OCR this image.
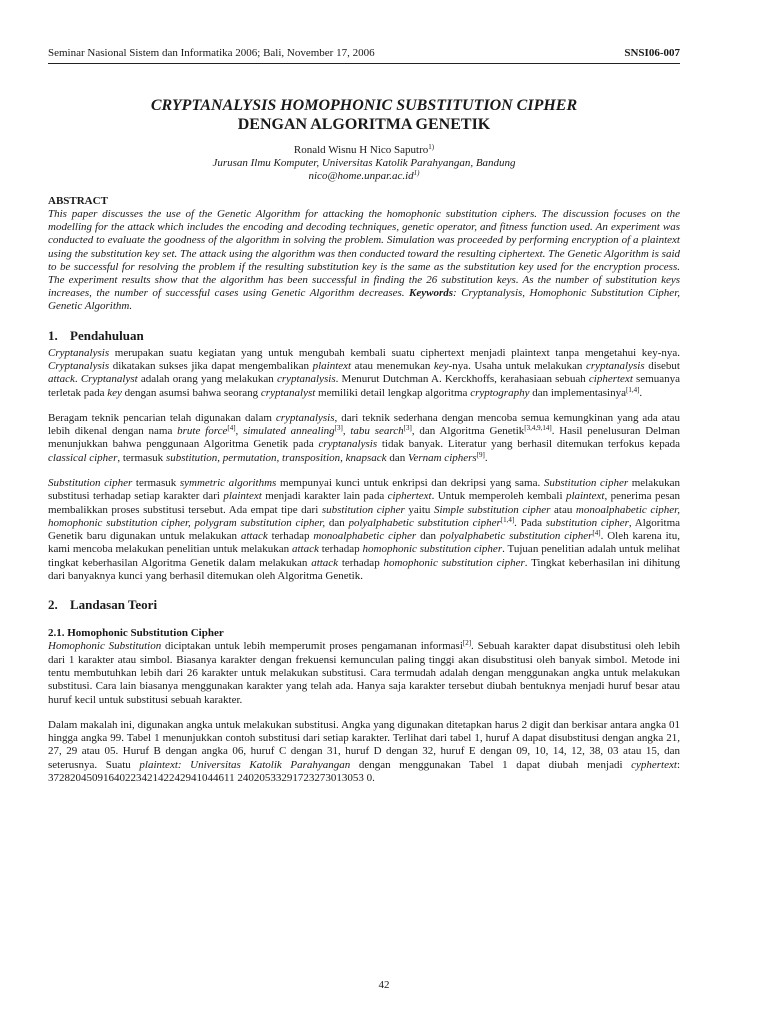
Seminar Nasional Sistem dan Informatika 2006; Bali, November 17, 2006	SNSI06-007
CRYPTANALYSIS HOMOPHONIC SUBSTITUTION CIPHER
DENGAN ALGORITMA GENETIK
Ronald Wisnu H Nico Saputro$^{1)}$
Jurusan Ilmu Komputer, Universitas Katolik Parahyangan, Bandung
$nico@home.unpar.ac.id^{1)}$
ABSTRACT
This paper discusses the use of the Genetic Algorithm for attacking the homophonic substitution ciphers. The discussion focuses on the modelling for the attack which includes the encoding and decoding techniques, genetic operator, and fitness function used. An experiment was conducted to evaluate the goodness of the algorithm in solving the problem. Simulation was proceeded by performing encryption of a plaintext using the substitution key set. The attack using the algorithm was then conducted toward the resulting ciphertext. The Genetic Algorithm is said to be successful for resolving the problem if the resulting substitution key is the same as the substitution key used for the encryption process. The experiment results show that the algorithm has been successful in finding the 26 substitution keys. As the number of substitution keys increases, the number of successful cases using Genetic Algorithm decreases. Keywords: Cryptanalysis, Homophonic Substitution Cipher, Genetic Algorithm.
1. Pendahuluan

Cryptanalysis merupakan suatu kegiatan yang untuk mengubah kembali suatu ciphertext menjadi plaintext tanpa mengetahui key-nya. Cryptanalysis dikatakan sukses jika dapat mengembalikan plaintext atau menemukan key-nya. Usaha untuk melakukan cryptanalysis disebut attack. Cryptanalyst adalah orang yang melakukan cryptanalysis. Menurut Dutchman A. Kerckhoffs, kerahasiaan sebuah ciphertext semuanya terletak pada key dengan asumsi bahwa seorang cryptanalyst memiliki detail lengkap algoritma cryptography dan implementasinya[1,4].

Beragam teknik pencarian telah digunakan dalam cryptanalysis, dari teknik sederhana dengan mencoba semua kemungkinan yang ada atau lebih dikenal dengan nama brute force[4], simulated annealing[3], tabu search[3], dan Algoritma Genetik[3,4,9,14]. Hasil penelusuran Delman menunjukkan bahwa penggunaan Algoritma Genetik pada cryptanalysis tidak banyak. Literatur yang berhasil ditemukan terfokus kepada classical cipher, termasuk substitution, permutation, transposition, knapsack dan Vernam ciphers[9].

Substitution cipher termasuk symmetric algorithms mempunyai kunci untuk enkripsi dan dekripsi yang sama. Substitution cipher melakukan substitusi terhadap setiap karakter dari plaintext menjadi karakter lain pada ciphertext. Untuk memperoleh kembali plaintext, penerima pesan membalikkan proses substitusi tersebut. Ada empat tipe dari substitution cipher yaitu Simple substitution cipher atau monoalphabetic cipher, homophonic substitution cipher, polygram substitution cipher, dan polyalphabetic substitution cipher[1,4]. Pada substitution cipher, Algoritma Genetik baru digunakan untuk melakukan attack terhadap monoalphabetic cipher dan polyalphabetic substitution cipher[4]. Oleh karena itu, kami mencoba melakukan penelitian untuk melakukan attack terhadap homophonic substitution cipher. Tujuan penelitian adalah untuk melihat tingkat keberhasilan Algoritma Genetik dalam melakukan attack terhadap homophonic substitution cipher. Tingkat keberhasilan ini dihitung dari banyaknya kunci yang berhasil ditemukan oleh Algoritma Genetik.

2. Landasan Teori
2.1. Homophonic Substitution Cipher

Homophonic Substitution diciptakan untuk lebih memperumit proses pengamanan informasi[2]. Sebuah karakter dapat disubstitusi oleh lebih dari 1 karakter atau simbol. Biasanya karakter dengan frekuensi kemunculan paling tinggi akan disubstitusi oleh banyak simbol. Metode ini tentu membutuhkan lebih dari 26 karakter untuk melakukan substitusi. Cara termudah adalah dengan menggunakan angka untuk melakukan substitusi. Cara lain biasanya menggunakan karakter yang telah ada. Hanya saja karakter tersebut diubah bentuknya menjadi huruf besar atau huruf kecil untuk substitusi sebuah karakter.

Dalam makalah ini, digunakan angka untuk melakukan substitusi. Angka yang digunakan ditetapkan harus 2 digit dan berkisar antara angka 01 hingga angka 99. Tabel 1 menunjukkan contoh substitusi dari setiap karakter. Terlihat dari tabel 1, huruf A dapat disubstitusi dengan angka 21, 27, 29 atau 05. Huruf B dengan angka 06, huruf C dengan 31, huruf D dengan 32, huruf E dengan 09, 10, 14, 12, 38, 03 atau 15, dan seterusnya. Suatu plaintext: Universitas Katolik Parahyangan dengan menggunakan Tabel 1 dapat diubah menjadi cyphertext: 3728204509164022342142242941044611 24020533291723273013053 0.

42
